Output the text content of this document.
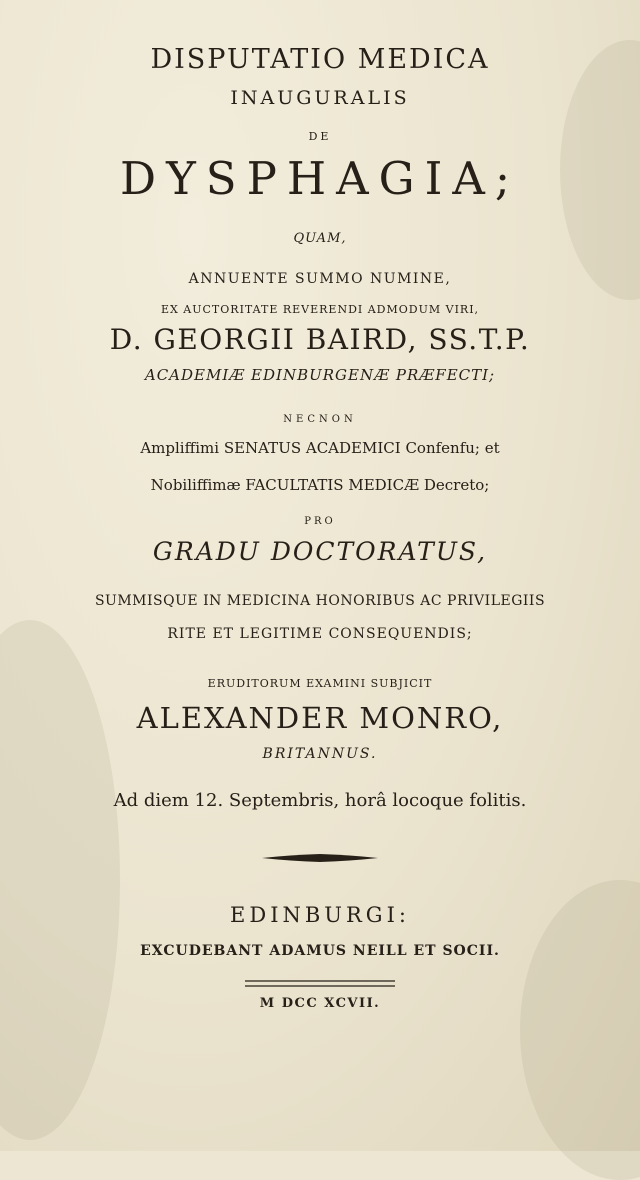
DISPUTATIO MEDICA
INAUGURALIS
DE
DYSPHAGIA;
QUAM,
ANNUENTE SUMMO NUMINE,
EX AUCTORITATE REVERENDI ADMODUM VIRI,
D. GEORGII BAIRD, SS.T.P.
ACADEMIÆ EDINBURGENÆ PRÆFECTI;
NECNON
Ampliffimi SENATUS ACADEMICI Confenfu; et
Nobiliffimæ FACULTATIS MEDICÆ Decreto;
PRO
GRADU DOCTORATUS,
SUMMISQUE IN MEDICINA HONORIBUS AC PRIVILEGIIS
RITE ET LEGITIME CONSEQUENDIS;
ERUDITORUM EXAMINI SUBJICIT
ALEXANDER MONRO,
BRITANNUS.
Ad diem 12. Septembris, horâ locoque folitis.
EDINBURGI:
EXCUDEBANT ADAMUS NEILL ET SOCII.
M DCC XCVII.
